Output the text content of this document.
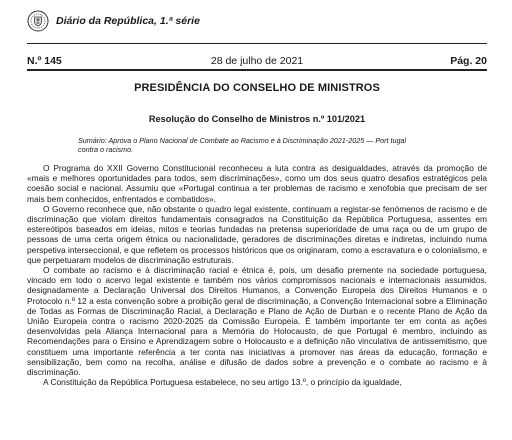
Diário da República, 1.ª série
N.º 145	28 de julho de 2021	Pág. 20
PRESIDÊNCIA DO CONSELHO DE MINISTROS
Resolução do Conselho de Ministros n.º 101/2021
Sumário: Aprova o Plano Nacional de Combate ao Racismo e à Discriminação 2021-2025 — Port tugal contra o racismo.

O Programa do XXII Governo Constitucional reconheceu a luta contra as desigualdades, através da promoção de «mais e melhores oportunidades para todos, sem discriminações», como um dos seus quatro desafios estratégicos pela coesão social e nacional. Assumiu que «Portugal continua a ter problemas de racismo e xenofobia que precisam de ser mais bem conhecidos, enfrentados e combatidos».

O Governo reconhece que, não obstante o quadro legal existente, continuam a registar-se fenómenos de racismo e de discriminação que violam direitos fundamentais consagrados na Constituição da República Portuguesa, assentes em estereótipos baseados em ideias, mitos e teorias fundadas na pretensa superioridade de uma raça ou de um grupo de pessoas de uma certa origem étnica ou nacionalidade, geradores de discriminações diretas e indiretas, incluindo numa perspetiva interseccional, e que refletem os processos históricos que os originaram, como a escravatura e o colonialismo, e que perpetuaram modelos de discriminação estruturais.

O combate ao racismo e à discriminação racial e étnica é, pois, um desafio premente na sociedade portuguesa, vincado em todo o acervo legal existente e também nos vários compromissos nacionais e internacionais assumidos, designadamente a Declaração Universal dos Direitos Humanos, a Convenção Europeia dos Direitos Humanos e o Protocolo n.º 12 a esta convenção sobre a proibição geral de discriminação, a Convenção Internacional sobre a Eliminação de Todas as Formas de Discriminação Racial, a Declaração e Plano de Ação de Durban e o recente Plano de Ação da União Europeia contra o racismo 2020-2025 da Comissão Europeia. É também importante ter em conta as ações desenvolvidas pela Aliança Internacional para a Memória do Holocausto, de que Portugal é membro, incluindo as Recomendações para o Ensino e Aprendizagem sobre o Holocausto e a definição não vinculativa de antissemitismo, que constituem uma importante referência a ter conta nas iniciativas a promover nas áreas da educação, formação e sensibilização, bem como na recolha, análise e difusão de dados sobre a prevenção e o combate ao racismo e à discriminação.

A Constituição da República Portuguesa estabelece, no seu artigo 13.º, o princípio da igualdade,
